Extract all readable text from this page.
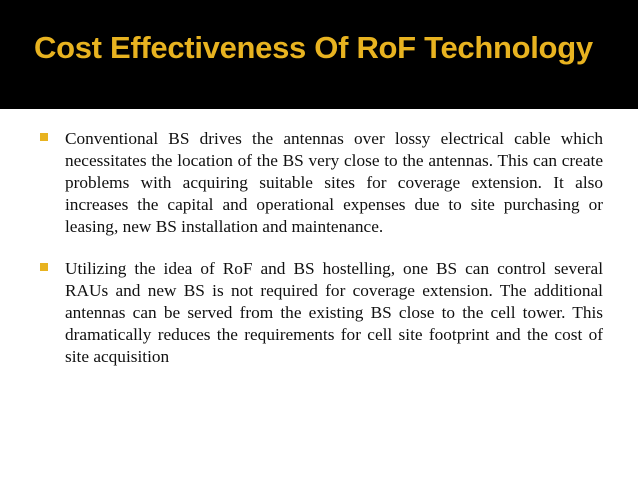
Cost Effectiveness Of RoF Technology

Conventional BS drives the antennas over lossy electrical cable which necessitates the location of the BS very close to the antennas. This can create problems with acquiring suitable sites for coverage extension. It also increases the capital and operational expenses due to site purchasing or leasing, new BS installation and maintenance.

Utilizing the idea of RoF and BS hostelling, one BS can control several RAUs and new BS is not required for coverage extension. The additional antennas can be served from the existing BS close to the cell tower. This dramatically reduces the requirements for cell site footprint and the cost of site acquisition
